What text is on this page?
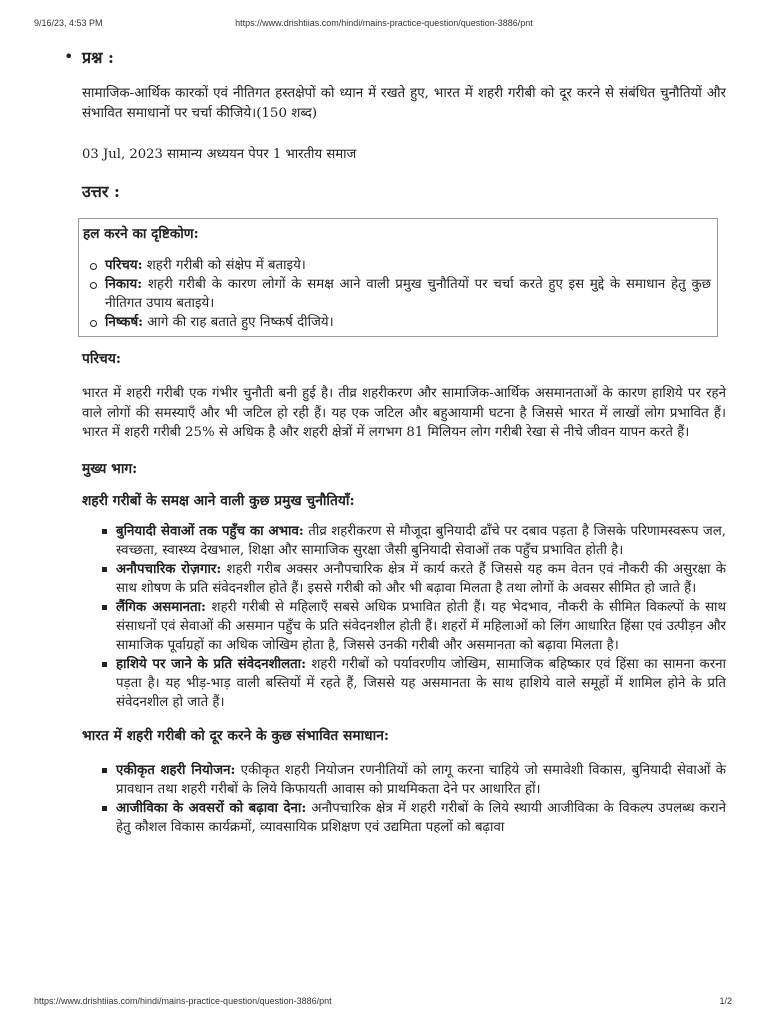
9/16/23, 4:53 PM	https://www.drishtiias.com/hindi/mains-practice-question/question-3886/pnt
• प्रश्न :

सामाजिक-आर्थिक कारकों एवं नीतिगत हस्तक्षेपों को ध्यान में रखते हुए, भारत में शहरी गरीबी को दूर करने से संबंधित चुनौतियों और संभावित समाधानों पर चर्चा कीजिये।(150 शब्द)

03 Jul, 2023 सामान्य अध्ययन पेपर 1 भारतीय समाज

उत्तर :
हल करने का दृष्टिकोण:
परिचय: शहरी गरीबी को संक्षेप में बताइये।
निकाय: शहरी गरीबी के कारण लोगों के समक्ष आने वाली प्रमुख चुनौतियों पर चर्चा करते हुए इस मुद्दे के समाधान हेतु कुछ नीतिगत उपाय बताइये।
निष्कर्ष: आगे की राह बताते हुए निष्कर्ष दीजिये।
परिचय:

भारत में शहरी गरीबी एक गंभीर चुनौती बनी हुई है। तीव्र शहरीकरण और सामाजिक-आर्थिक असमानताओं के कारण हाशिये पर रहने वाले लोगों की समस्याएँ और भी जटिल हो रही हैं। यह एक जटिल और बहुआयामी घटना है जिससे भारत में लाखों लोग प्रभावित हैं। भारत में शहरी गरीबी 25% से अधिक है और शहरी क्षेत्रों में लगभग 81 मिलियन लोग गरीबी रेखा से नीचे जीवन यापन करते हैं।

मुख्य भाग:
शहरी गरीबों के समक्ष आने वाली कुछ प्रमुख चुनौतियाँ:
बुनियादी सेवाओं तक पहुँच का अभाव: तीव्र शहरीकरण से मौजूदा बुनियादी ढाँचे पर दबाव पड़ता है जिसके परिणामस्वरूप जल, स्वच्छता, स्वास्थ्य देखभाल, शिक्षा और सामाजिक सुरक्षा जैसी बुनियादी सेवाओं तक पहुँच प्रभावित होती है।
अनौपचारिक रोज़गार: शहरी गरीब अक्सर अनौपचारिक क्षेत्र में कार्य करते हैं जिससे यह कम वेतन एवं नौकरी की असुरक्षा के साथ शोषण के प्रति संवेदनशील होते हैं। इससे गरीबी को और भी बढ़ावा मिलता है तथा लोगों के अवसर सीमित हो जाते हैं।
लैंगिक असमानता: शहरी गरीबी से महिलाएँ सबसे अधिक प्रभावित होती हैं। यह भेदभाव, नौकरी के सीमित विकल्पों के साथ संसाधनों एवं सेवाओं की असमान पहुँच के प्रति संवेदनशील होती हैं। शहरों में महिलाओं को लिंग आधारित हिंसा एवं उत्पीड़न और सामाजिक पूर्वाग्रहों का अधिक जोखिम होता है, जिससे उनकी गरीबी और असमानता को बढ़ावा मिलता है।
हाशिये पर जाने के प्रति संवेदनशीलता: शहरी गरीबों को पर्यावरणीय जोखिम, सामाजिक बहिष्कार एवं हिंसा का सामना करना पड़ता है। यह भीड़-भाड़ वाली बस्तियों में रहते हैं, जिससे यह असमानता के साथ हाशिये वाले समूहों में शामिल होने के प्रति संवेदनशील हो जाते हैं।
भारत में शहरी गरीबी को दूर करने के कुछ संभावित समाधान:
एकीकृत शहरी नियोजन: एकीकृत शहरी नियोजन रणनीतियों को लागू करना चाहिये जो समावेशी विकास, बुनियादी सेवाओं के प्रावधान तथा शहरी गरीबों के लिये किफायती आवास को प्राथमिकता देने पर आधारित हों।
आजीविका के अवसरों को बढ़ावा देना: अनौपचारिक क्षेत्र में शहरी गरीबों के लिये स्थायी आजीविका के विकल्प उपलब्ध कराने हेतु कौशल विकास कार्यक्रमों, व्यावसायिक प्रशिक्षण एवं उद्यमिता पहलों को बढ़ावा
https://www.drishtiias.com/hindi/mains-practice-question/question-3886/pnt	1/2
